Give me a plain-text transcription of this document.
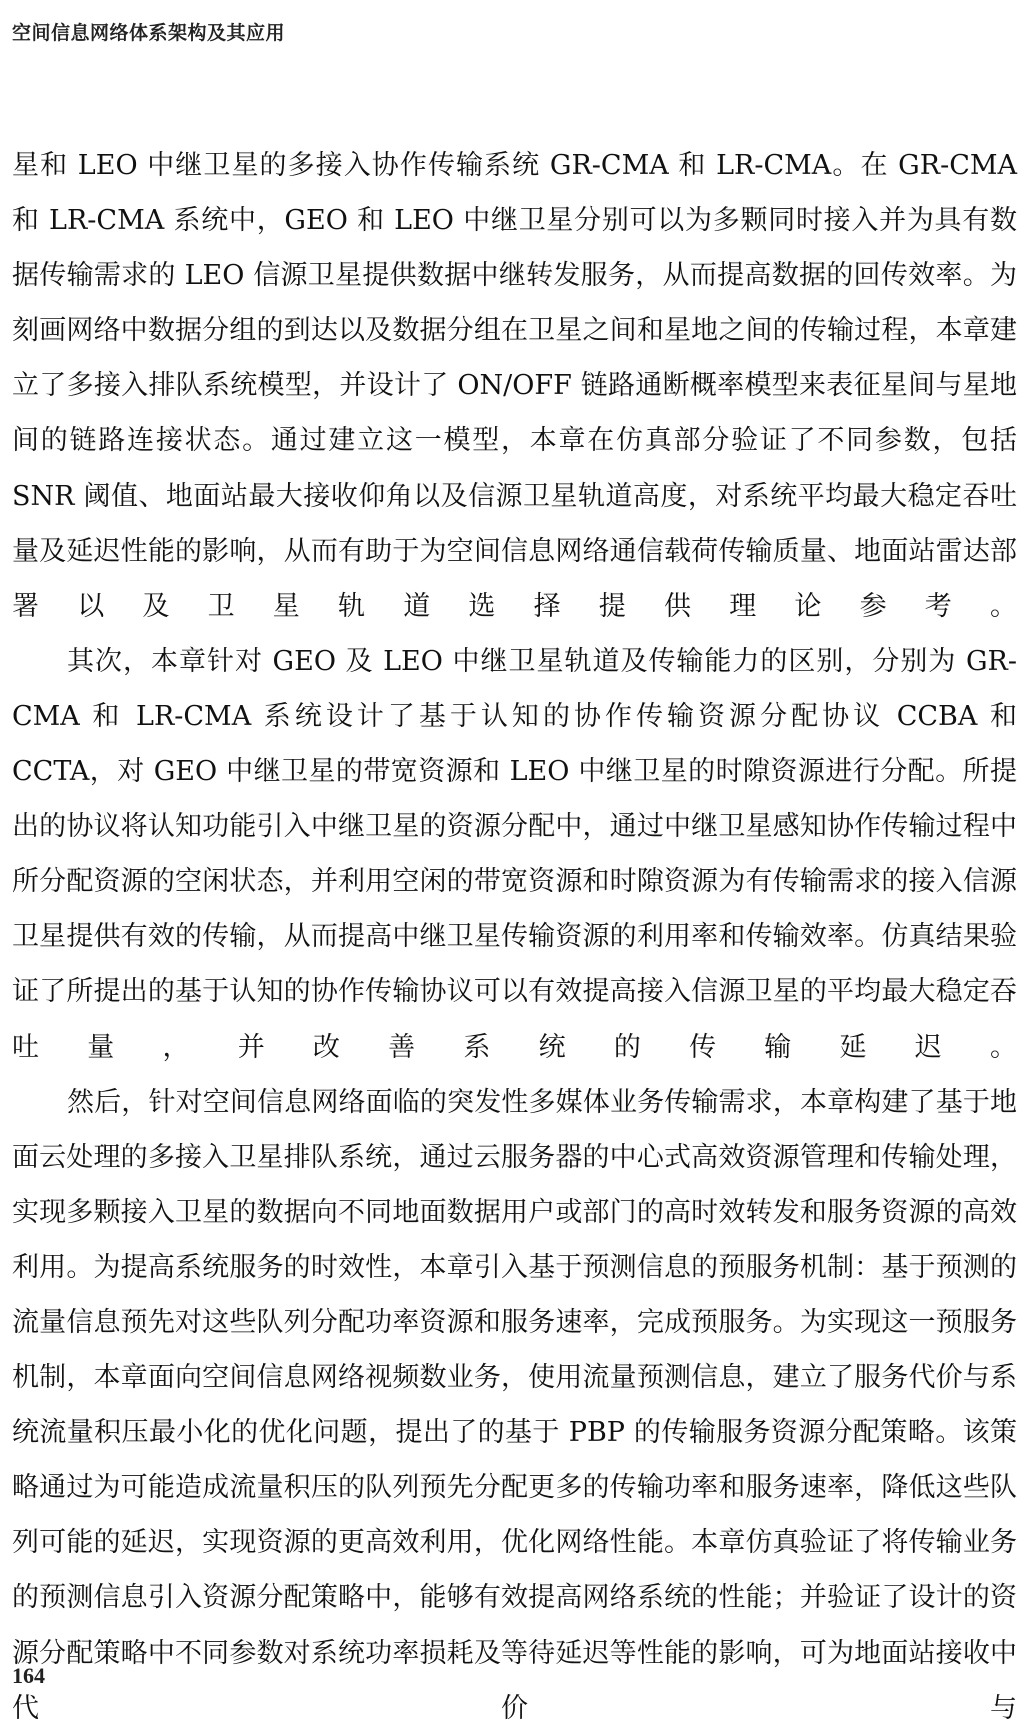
空间信息网络体系架构及其应用

星和 LEO 中继卫星的多接入协作传输系统 GR-CMA 和 LR-CMA。在 GR-CMA 和 LR-CMA 系统中，GEO 和 LEO 中继卫星分别可以为多颗同时接入并为具有数据传输需求的 LEO 信源卫星提供数据中继转发服务，从而提高数据的回传效率。为刻画网络中数据分组的到达以及数据分组在卫星之间和星地之间的传输过程，本章建立了多接入排队系统模型，并设计了 ON/OFF 链路通断概率模型来表征星间与星地间的链路连接状态。通过建立这一模型，本章在仿真部分验证了不同参数，包括 SNR 阈值、地面站最大接收仰角以及信源卫星轨道高度，对系统平均最大稳定吞吐量及延迟性能的影响，从而有助于为空间信息网络通信载荷传输质量、地面站雷达部署以及卫星轨道选择提供理论参考。

其次，本章针对 GEO 及 LEO 中继卫星轨道及传输能力的区别，分别为 GR-CMA 和 LR-CMA 系统设计了基于认知的协作传输资源分配协议 CCBA 和 CCTA，对 GEO 中继卫星的带宽资源和 LEO 中继卫星的时隙资源进行分配。所提出的协议将认知功能引入中继卫星的资源分配中，通过中继卫星感知协作传输过程中所分配资源的空闲状态，并利用空闲的带宽资源和时隙资源为有传输需求的接入信源卫星提供有效的传输，从而提高中继卫星传输资源的利用率和传输效率。仿真结果验证了所提出的基于认知的协作传输协议可以有效提高接入信源卫星的平均最大稳定吞吐量，并改善系统的传输延迟。

然后，针对空间信息网络面临的突发性多媒体业务传输需求，本章构建了基于地面云处理的多接入卫星排队系统，通过云服务器的中心式高效资源管理和传输处理，实现多颗接入卫星的数据向不同地面数据用户或部门的高时效转发和服务资源的高效利用。为提高系统服务的时效性，本章引入基于预测信息的预服务机制：基于预测的流量信息预先对这些队列分配功率资源和服务速率，完成预服务。为实现这一预服务机制，本章面向空间信息网络视频数业务，使用流量预测信息，建立了服务代价与系统流量积压最小化的优化问题，提出了的基于 PBP 的传输服务资源分配策略。该策略通过为可能造成流量积压的队列预先分配更多的传输功率和服务速率，降低这些队列可能的延迟，实现资源的更高效利用，优化网络性能。本章仿真验证了将传输业务的预测信息引入资源分配策略中，能够有效提高网络系统的性能；并验证了设计的资源分配策略中不同参数对系统功率损耗及等待延迟等性能的影响，可为地面站接收中代价与

164
